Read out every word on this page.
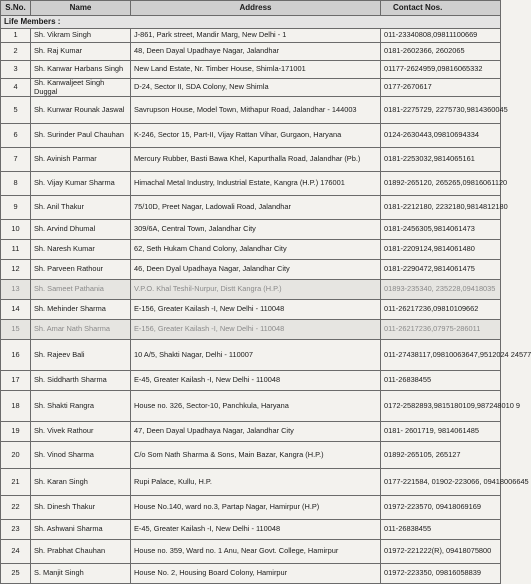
S.No.	Name	Address	Contact Nos.
Life Members :			
1	Sh. Vikram Singh	J-861, Park street, Mandir Marg, New Delhi - 1	011-23340808,09811100669
2	Sh. Raj Kumar	48, Deen Dayal Upadhaye Nagar, Jalandhar	0181-2602366, 2602065
3	Sh. Kanwar Harbans Singh	New Land Estate, Nr. Timber House, Shimla-171001	01177-2624959,09816065332
4	Sh. Kanwaljeet Singh Duggal	D-24, Sector II, SDA Colony, New Shimla	0177-2670617
5	Sh. Kunwar Rounak Jaswal	Savrupson House, Model Town, Mithapur Road, Jalandhar - 144003	0181-2275729, 2275730,9814360045
6	Sh. Surinder Paul Chauhan	K-246, Sector 15, Part-II, Vijay Rattan Vihar, Gurgaon, Haryana	0124-2630443,09810694334
7	Sh. Avinish Parmar	Mercury Rubber, Basti Bawa Khel, Kapurthalla Road, Jalandhar (Pb.)	0181-2253032,9814065161
8	Sh. Vijay Kumar Sharma	Himachal Metal Industry, Industrial Estate, Kangra (H.P.) 176001	01892-265120, 265265,09816061120
9	Sh. Anil Thakur	75/10D, Preet Nagar, Ladowali Road, Jalandhar	0181-2212180, 2232180,9814812180
10	Sh. Arvind Dhumal	309/6A, Central Town, Jalandhar City	0181-2456305,9814061473
11	Sh. Naresh Kumar	62, Seth Hukam Chand Colony, Jalandhar City	0181-2209124,9814061480
12	Sh. Parveen Rathour	46, Deen Dyal Upadhaya Nagar, Jalandhar City	0181-2290472,9814061475
13	Sh. Sameet Pathania	V.P.O. Khal Teshil-Nurpur, Distt Kangra (H.P.)	01893-235340, 235228,09418035
14	Sh. Mehinder Sharma	E-156, Greater Kailash -I, New Delhi - 110048	011-26217236,09810109662
15	Sh. Amar Nath Sharma	E-156, Greater Kailash -I, New Delhi - 110048	011-26217236,07975-286011
16	Sh. Rajeev Bali	10 A/5, Shakti Nagar, Delhi - 110007	011-27438117,09810063647,9512024 24577
17	Sh. Siddharth Sharma	E-45, Greater Kailash -I, New Delhi - 110048	011-26838455
18	Sh. Shakti Rangra	House no. 326, Sector-10, Panchkula, Haryana	0172-2582893,9815180109,987248010 9
19	Sh. Vivek Rathour	47, Deen Dayal Upadhaya Nagar, Jalandhar City	0181- 2601719, 9814061485
20	Sh. Vinod Sharma	C/o Som Nath Sharma & Sons, Main Bazar, Kangra (H.P.)	01892-265105, 265127
21	Sh. Karan Singh	Rupi Palace, Kullu, H.P.	0177-221584, 01902-223066, 09418006645
22	Sh. Dinesh Thakur	House No.140, ward no.3, Partap Nagar, Hamirpur (H.P)	01972-223570, 09418069169
23	Sh. Ashwani Sharma	E-45, Greater Kailash -I, New Delhi - 110048	011-26838455
24	Sh. Prabhat Chauhan	House no. 359, Ward no. 1 Anu, Near Govt. College, Hamirpur	01972-221222(R), 09418075800
25	S. Manjit Singh	House No. 2, Housing Board Colony, Hamirpur	01972-223350, 09816058839
